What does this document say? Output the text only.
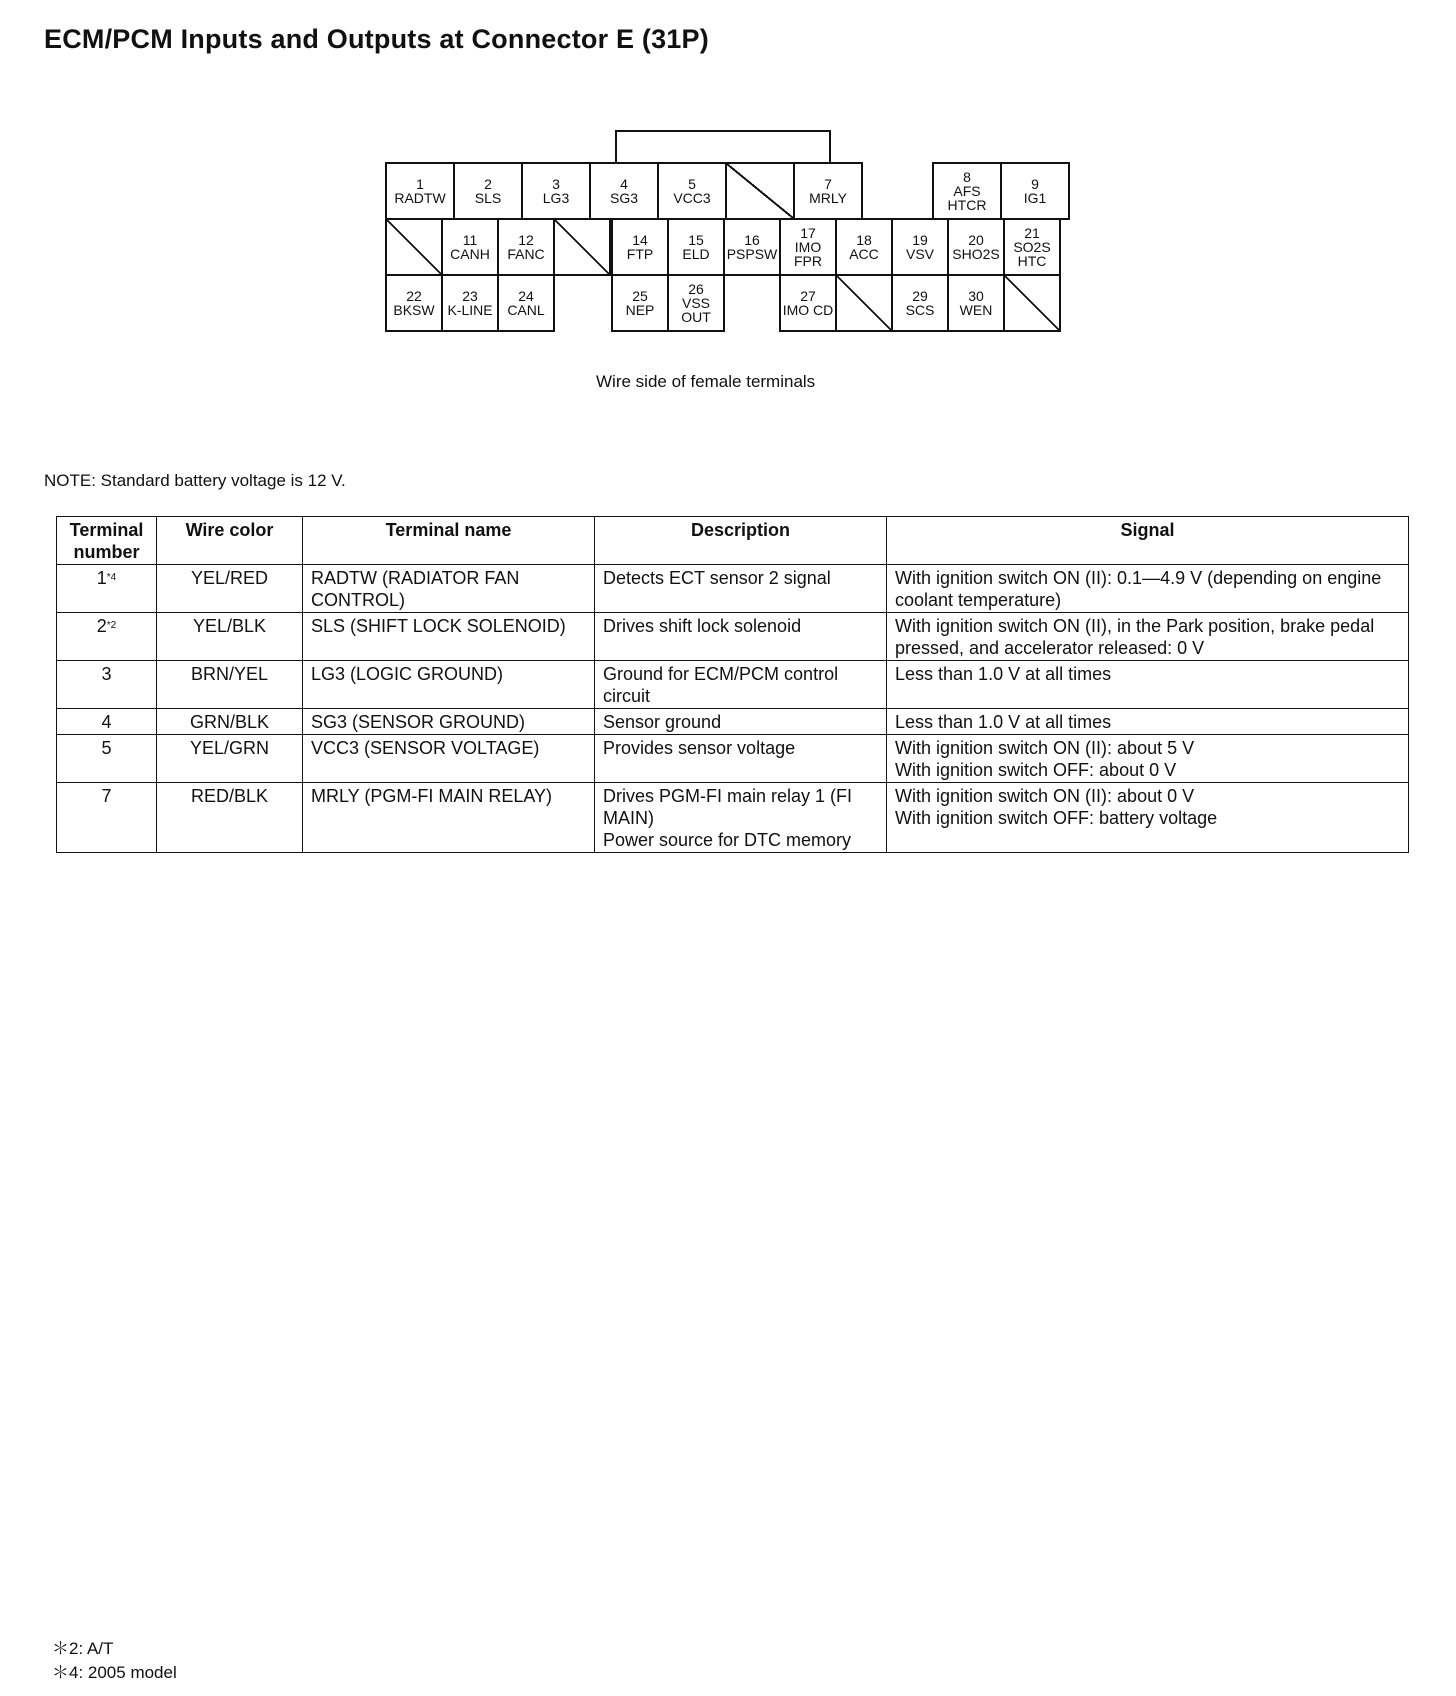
ECM/PCM Inputs and Outputs at Connector E (31P)
1
RADTW
2
SLS
3
LG3
4
SG3
5
VCC3
7
MRLY
8
AFS HTCR
9
IG1
11
CANH
12
FANC
14
FTP
15
ELD
16
PSPSW
17
IMO FPR
18
ACC
19
VSV
20
SHO2S
21
SO2S HTC
22
BKSW
23
K-LINE
24
CANL
25
NEP
26
VSS OUT
27
IMO CD
29
SCS
30
WEN
Wire side of female terminals
NOTE: Standard battery voltage is 12 V.
Terminal number	Wire color	Terminal name	Description	Signal
1$^{*4}$	YEL/RED	RADTW (RADIATOR FAN CONTROL)	Detects ECT sensor 2 signal	With ignition switch ON (II): 0.1—4.9 V (depending on engine coolant temperature)

2$^{*2}$	YEL/BLK	SLS (SHIFT LOCK SOLENOID)	Drives shift lock solenoid	With ignition switch ON (II), in the Park position, brake pedal pressed, and accelerator released: 0 V

3	BRN/YEL	LG3 (LOGIC GROUND)	Ground for ECM/PCM control circuit	Less than 1.0 V at all times

4	GRN/BLK	SG3 (SENSOR GROUND)	Sensor ground	Less than 1.0 V at all times

5	YEL/GRN	VCC3 (SENSOR VOLTAGE)	Provides sensor voltage	With ignition switch ON (II): about 5 V
With ignition switch OFF: about 0 V

7	RED/BLK	MRLY (PGM-FI MAIN RELAY)	Drives PGM-FI main relay 1 (FI MAIN)
Power source for DTC memory	With ignition switch ON (II): about 0 V
With ignition switch OFF: battery voltage
＊2: A/T
＊4: 2005 model
